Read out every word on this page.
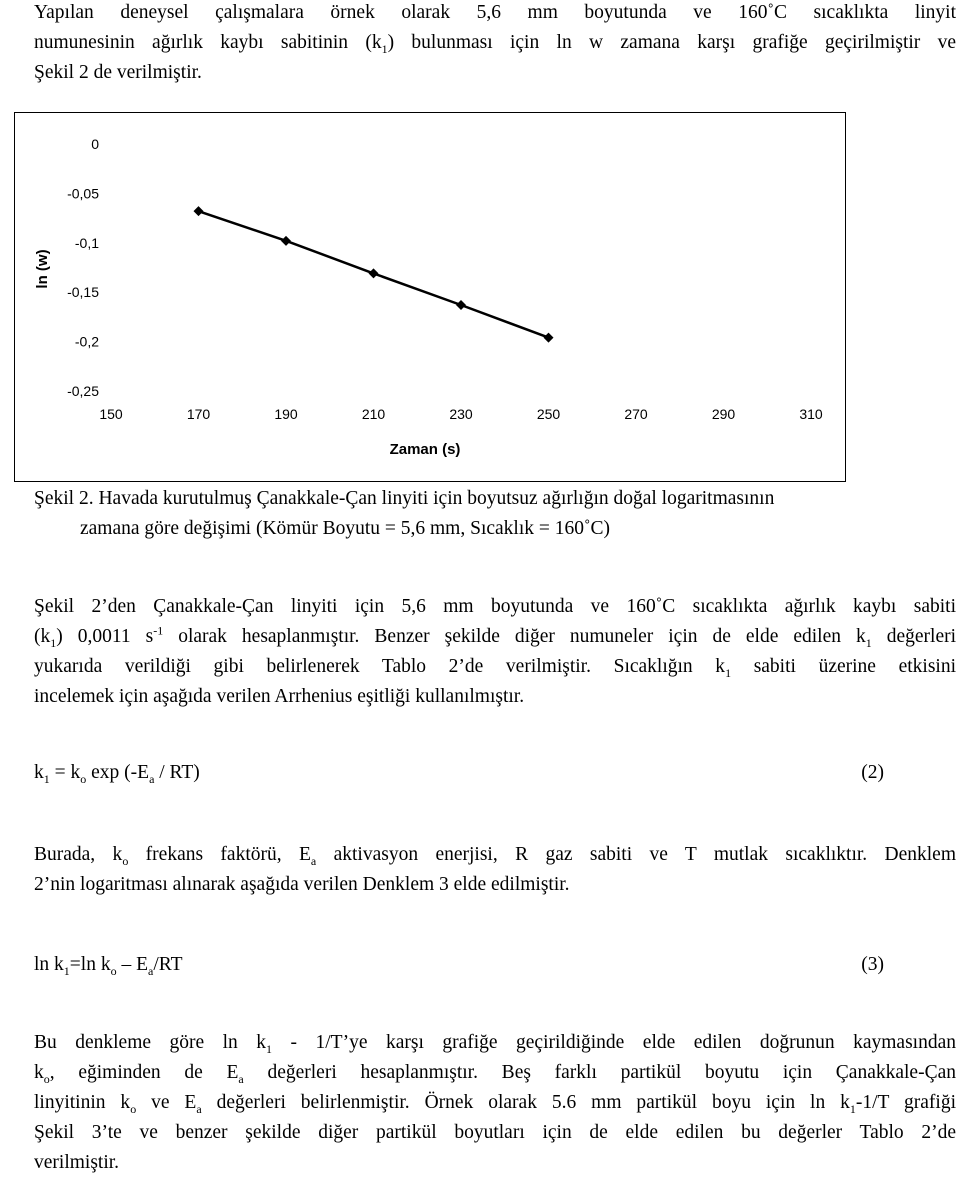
Yapılan deneysel çalışmalara örnek olarak 5,6 mm boyutunda ve 160˚C sıcaklıkta linyit
numunesinin ağırlık kaybı sabitinin $(k_1)$ bulunması için ln w zamana karşı grafiğe geçirilmiştir ve
Şekil 2 de verilmiştir.
0
-0,05
-0,1
-0,15
-0,2
-0,25
150	170	190	210	230	250	270	290	310
Zaman (s)
ln (w)
Şekil 2. Havada kurutulmuş Çanakkale-Çan linyiti için boyutsuz ağırlığın doğal logaritmasının
zamana göre değişimi (Kömür Boyutu = 5,6 mm, Sıcaklık = 160˚C)
Şekil 2’den Çanakkale-Çan linyiti için 5,6 mm boyutunda ve 160˚C sıcaklıkta ağırlık kaybı sabiti
$(k_1)$ 0,0011 $s^{-1}$ olarak hesaplanmıştır. Benzer şekilde diğer numuneler için de elde edilen $k_1$ değerleri
yukarıda verildiği gibi belirlenerek Tablo 2’de verilmiştir. Sıcaklığın $k_1$ sabiti üzerine etkisini
incelemek için aşağıda verilen Arrhenius eşitliği kullanılmıştır.
$k_1 = k_o$ $\exp (-E_a / RT)$	(2)
Burada, $k_o$ frekans faktörü, $E_a$ aktivasyon enerjisi, R gaz sabiti ve T mutlak sıcaklıktır. Denklem
2’nin logaritması alınarak aşağıda verilen Denklem 3 elde edilmiştir.
$\ln k_1=\ln$ $k_o - E_a/RT$	(3)
Bu denkleme göre $\ln k_1$ - 1/T’ye karşı grafiğe geçirildiğinde elde edilen doğrunun kaymasından
$k_o$, eğiminden de $E_a$ değerleri hesaplanmıştır. Beş farklı partikül boyutu için Çanakkale-Çan
linyitinin $k_o$ ve $E_a$ değerleri belirlenmiştir. Örnek olarak 5.6 mm partikül boyu için $\ln k_1-1/T$ grafiği
Şekil 3’te ve benzer şekilde diğer partikül boyutları için de elde edilen bu değerler Tablo 2’de
verilmiştir.
